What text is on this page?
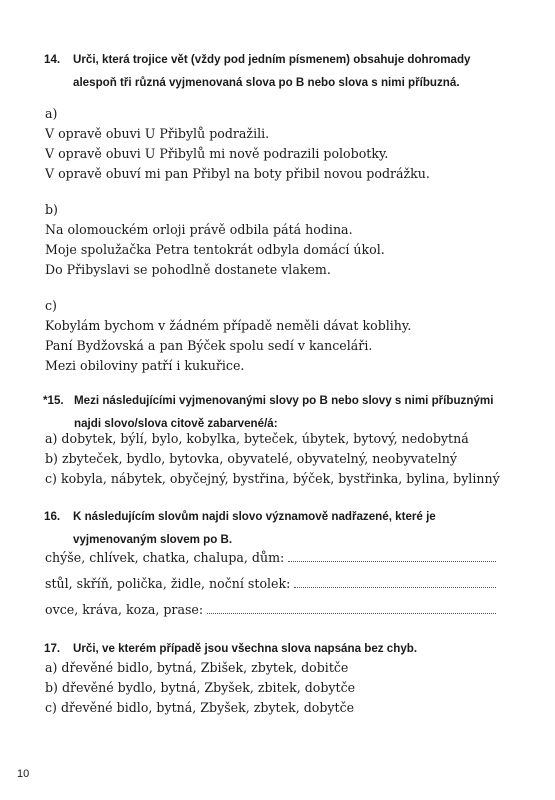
14.	Urči, která trojice vět (vždy pod jedním písmenem) obsahuje dohromady alespoň tři různá vyjmenovaná slova po B nebo slova s nimi příbuzná.
a)
V opravě obuvi U Přibylů podražili.
V opravě obuvi U Přibylů mi nově podrazili polobotky.
V opravě obuví mi pan Přibyl na boty přibil novou podrážku.
b)
Na olomouckém orloji právě odbila pátá hodina.
Moje spolužačka Petra tentokrát odbyla domácí úkol.
Do Přibyslavi se pohodlně dostanete vlakem.
c)
Kobylám bychom v žádném případě neměli dávat koblihy.
Paní Bydžovská a pan Býček spolu sedí v kanceláři.
Mezi obiloviny patří i kukuřice.
*15. Mezi následujícími vyjmenovanými slovy po B nebo slovy s nimi příbuznými najdi slovo/slova citově zabarvené/á:
a) dobytek, býlí, bylo, kobylka, byteček, úbytek, bytový, nedobytná
b) zbyteček, bydlo, bytovka, obyvatelé, obyvatelný, neobyvatelný
c) kobyla, nábytek, obyčejný, bystřina, býček, bystřinka, bylina, bylinný
16.	K následujícím slovům najdi slovo významově nadřazené, které je vyjmenovaným slovem po B.
chýše, chlívek, chatka, chalupa, dům:
stůl, skříň, polička, židle, noční stolek:
ovce, kráva, koza, prase:
17.	Urči, ve kterém případě jsou všechna slova napsána bez chyb.
a) dřevěné bidlo, bytná, Zbišek, zbytek, dobitče
b) dřevěné bydlo, bytná, Zbyšek, zbitek, dobytče
c) dřevěné bidlo, bytná, Zbyšek, zbytek, dobytče
10
